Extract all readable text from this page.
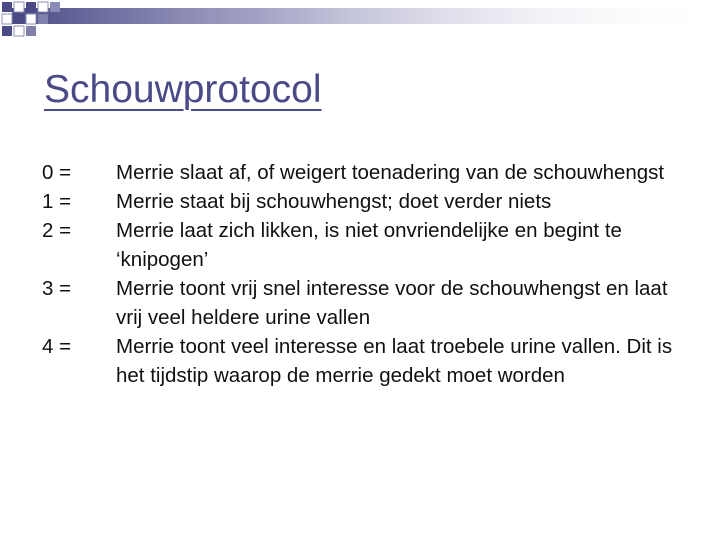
Schouwprotocol
0 =	Merrie slaat af, of weigert toenadering van de schouwhengst
1 =	Merrie staat bij schouwhengst; doet verder niets
2 =	Merrie laat zich likken, is niet onvriendelijke en begint te ‘knipogen’
3 =	Merrie toont vrij snel interesse voor de schouwhengst en laat vrij veel heldere urine vallen
4 =	Merrie toont veel interesse en laat troebele urine vallen. Dit is het tijdstip waarop de merrie gedekt moet worden
